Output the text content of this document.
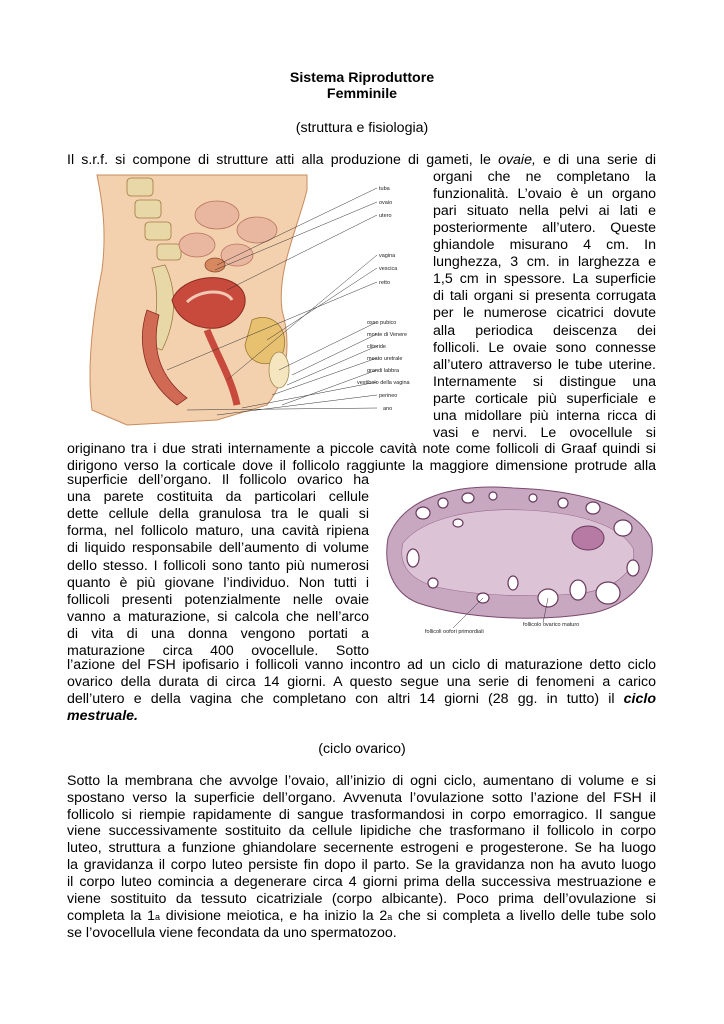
Sistema Riproduttore
Femminile
(struttura e fisiologia)
Il s.r.f. si compone di strutture atti alla produzione di gameti, le ovaie, e di una serie di
tuba
ovaio
utero
vagina
vescica
retto
osso pubico
monte di Venere
clitoride
meato uretrale
grandi labbra
vestibolo della vagina
perineo
ano
organi che ne completano la
funzionalità. L’ovaio è un organo
pari situato nella pelvi ai lati e
posteriormente all’utero. Queste
ghiandole misurano 4 cm. In
lunghezza, 3 cm. in larghezza e
1,5 cm in spessore. La superficie
di tali organi si presenta corrugata
per le numerose cicatrici dovute
alla periodica deiscenza dei
follicoli. Le ovaie sono connesse
all’utero attraverso le tube uterine.
Internamente si distingue una
parte corticale più superficiale e
una midollare più interna ricca di
vasi e nervi. Le ovocellule si
originano tra i due strati internamente a piccole cavità note come follicoli di Graaf quindi si
dirigono verso la corticale dove il follicolo raggiunte la maggiore dimensione protrude alla
follicoli oofori primordiali
follicolo ovarico maturo
superficie dell’organo. Il follicolo ovarico ha
una parete costituita da particolari cellule
dette cellule della granulosa tra le quali si
forma, nel follicolo maturo, una cavità ripiena
di liquido responsabile dell’aumento di volume
dello stesso. I follicoli sono tanto più numerosi
quanto è più giovane l’individuo. Non tutti i
follicoli presenti potenzialmente nelle ovaie
vanno a maturazione, si calcola che nell’arco
di vita di una donna vengono portati a
maturazione circa 400 ovocellule. Sotto
l’azione del FSH ipofisario i follicoli vanno incontro ad un ciclo di maturazione detto ciclo
ovarico della durata di circa 14 giorni. A questo segue una serie di fenomeni a carico
dell’utero e della vagina che completano con altri 14 giorni (28 gg. in tutto) il ciclo
mestruale.
(ciclo ovarico)
Sotto la membrana che avvolge l’ovaio, all’inizio di ogni ciclo, aumentano di volume e si
spostano verso la superficie dell’organo. Avvenuta l’ovulazione sotto l’azione del FSH il
follicolo si riempie rapidamente di sangue trasformandosi in corpo emorragico. Il sangue
viene successivamente sostituito da cellule lipidiche che trasformano il follicolo in corpo
luteo, struttura a funzione ghiandolare secernente estrogeni e progesterone. Se ha luogo
la gravidanza il corpo luteo persiste fin dopo il parto. Se la gravidanza non ha avuto luogo
il corpo luteo comincia a degenerare circa 4 giorni prima della successiva mestruazione e
viene sostituito da tessuto cicatriziale (corpo albicante). Poco prima dell’ovulazione si
completa la 1a divisione meiotica, e ha inizio la 2a che si completa a livello delle tube solo
se l’ovocellula viene fecondata da uno spermatozoo.
